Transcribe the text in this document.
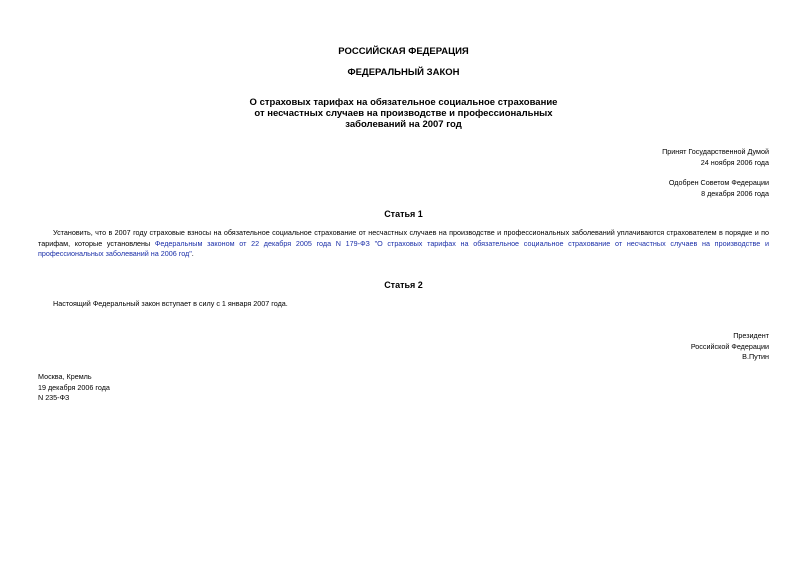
РОССИЙСКАЯ ФЕДЕРАЦИЯ
ФЕДЕРАЛЬНЫЙ ЗАКОН
О страховых тарифах на обязательное социальное страхование
от несчастных случаев на производстве и профессиональных
заболеваний на 2007 год
Принят Государственной Думой
24 ноября 2006 года
Одобрен Советом Федерации
8 декабря 2006 года
Статья 1
Установить, что в 2007 году страховые взносы на обязательное социальное страхование от несчастных случаев на производстве и профессиональных заболеваний уплачиваются страхователем в порядке и по
тарифам, которые установлены Федеральным законом от 22 декабря 2005 года N 179-ФЗ "О страховых тарифах на обязательное социальное страхование от несчастных случаев на производстве и
профессиональных заболеваний на 2006 год".
Статья 2
Настоящий Федеральный закон вступает в силу с 1 января 2007 года.
Президент
Российской Федерации
В.Путин
Москва, Кремль
19 декабря 2006 года
N 235-ФЗ
